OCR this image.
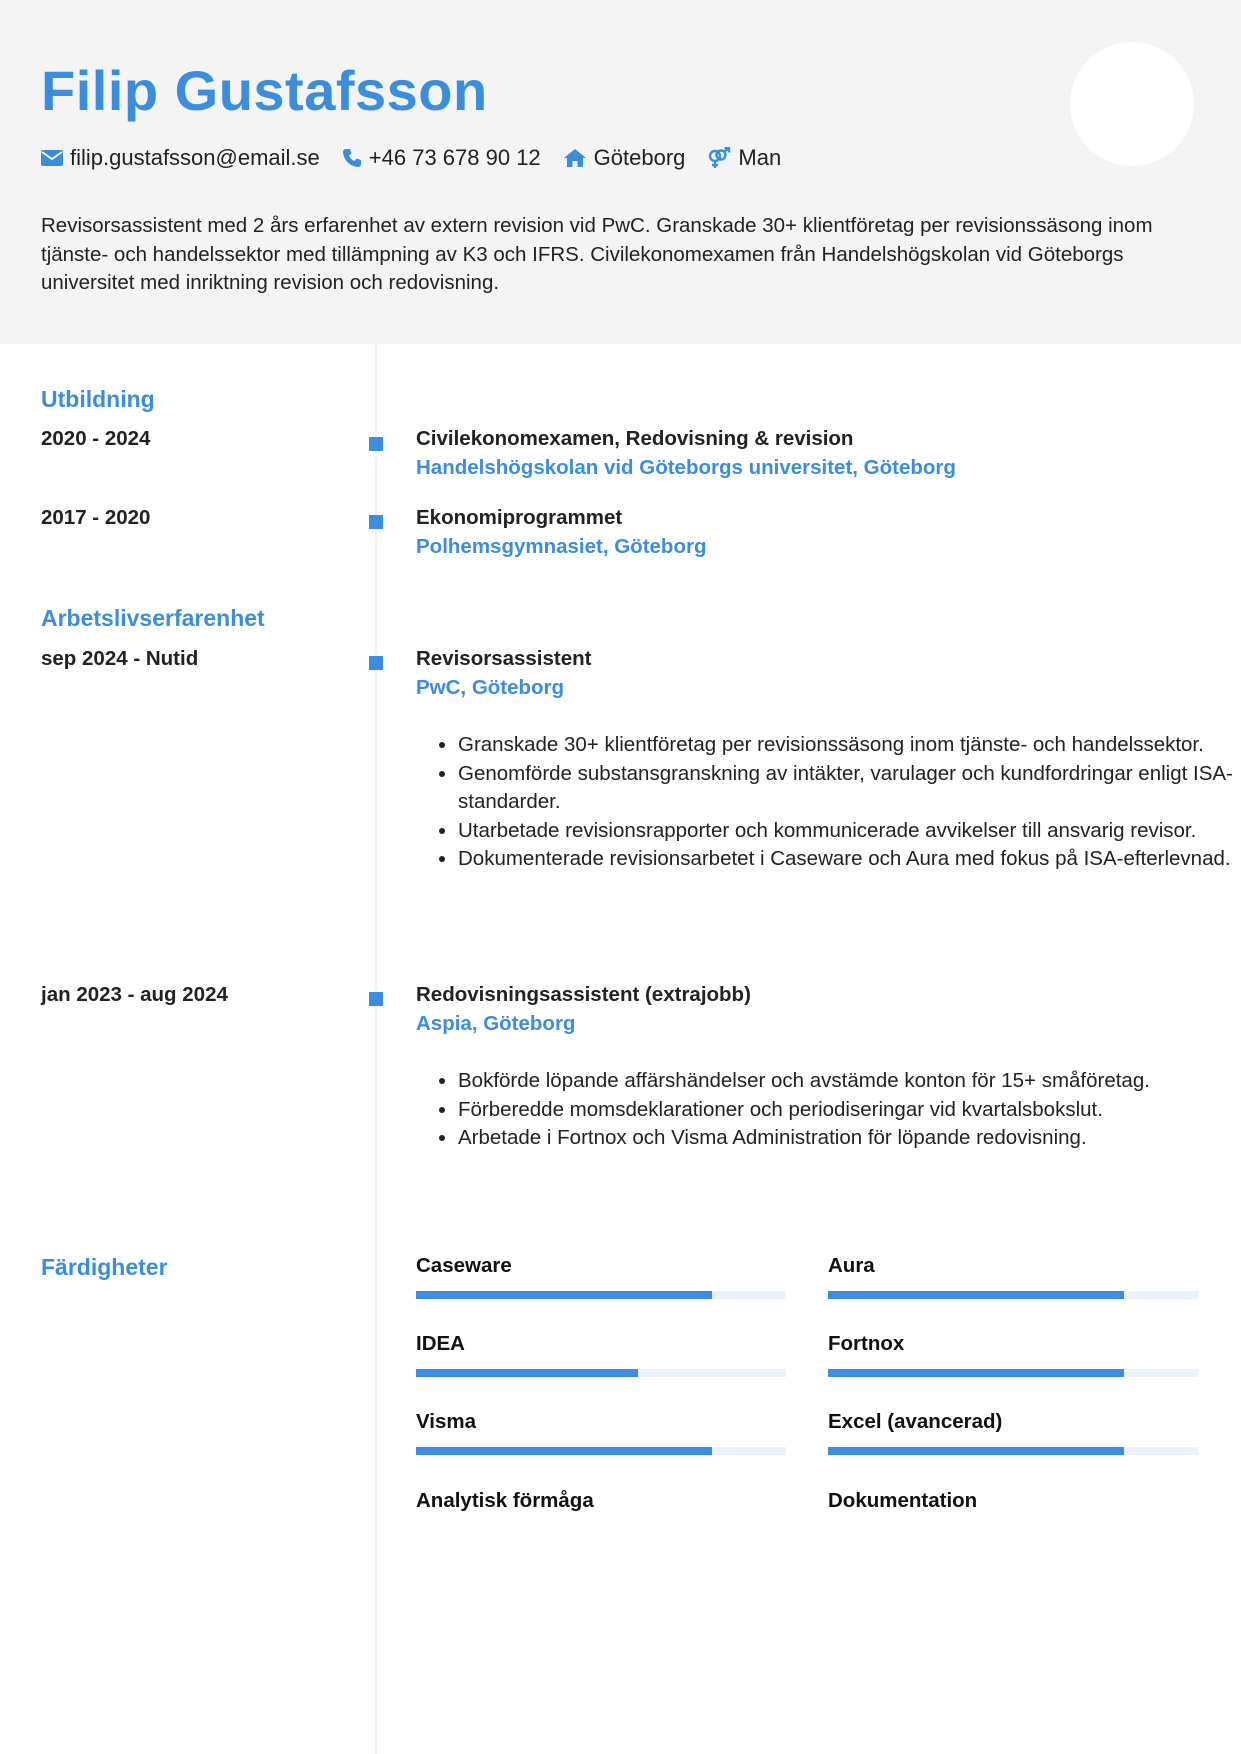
Filip Gustafsson
filip.gustafsson@email.se +46 73 678 90 12 Göteborg Man

Revisorsassistent med 2 års erfarenhet av extern revision vid PwC. Granskade 30+ klientföretag per revisionssäsong inom tjänste- och handelssektor med tillämpning av K3 och IFRS. Civilekonomexamen från Handelshögskolan vid Göteborgs universitet med inriktning revision och redovisning.

Utbildning
2020 - 2024	Civilekonomexamen, Redovisning & revision
Handelshögskolan vid Göteborgs universitet, Göteborg
2017 - 2020	Ekonomiprogrammet
Polhemsgymnasiet, Göteborg
Arbetslivserfarenhet
sep 2024 - Nutid	Revisorsassistent
PwC, Göteborg
• Granskade 30+ klientföretag per revisionssäsong inom tjänste- och handelssektor.
• Genomförde substansgranskning av intäkter, varulager och kundfordringar enligt ISA-standarder.
• Utarbetade revisionsrapporter och kommunicerade avvikelser till ansvarig revisor.
• Dokumenterade revisionsarbetet i Caseware och Aura med fokus på ISA-efterlevnad.
jan 2023 - aug 2024	Redovisningsassistent (extrajobb)
Aspia, Göteborg
• Bokförde löpande affärshändelser och avstämde konton för 15+ småföretag.
• Förberedde momsdeklarationer och periodiseringar vid kvartalsbokslut.
• Arbetade i Fortnox och Visma Administration för löpande redovisning.
Färdigheter	Caseware	Aura
IDEA	Fortnox
Visma	Excel (avancerad)
Analytisk förmåga	Dokumentation
